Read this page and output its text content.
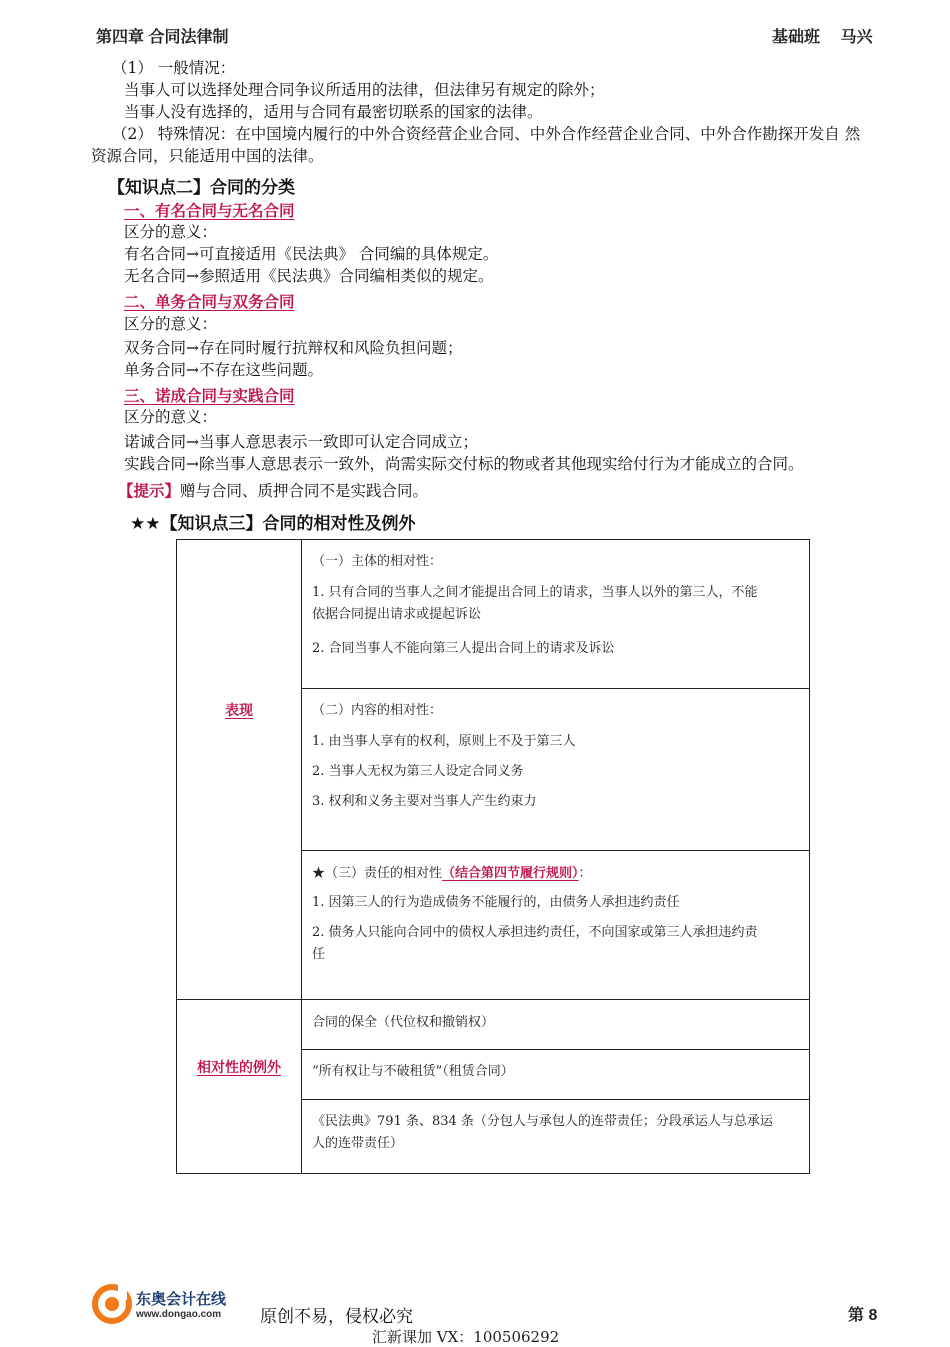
第四章 合同法律制	基础班 　马兴
（1） 一般情况：
当事人可以选择处理合同争议所适用的法律，但法律另有规定的除外；
当事人没有选择的，适用与合同有最密切联系的国家的法律。
（2） 特殊情况：在中国境内履行的中外合资经营企业合同、中外合作经营企业合同、中外合作勘探开发自 然
资源合同，只能适用中国的法律。
【知识点二】合同的分类
一、有名合同与无名合同
区分的意义：
有名合同→可直接适用《民法典》 合同编的具体规定。
无名合同→参照适用《民法典》合同编相类似的规定。
二、单务合同与双务合同
区分的意义：
双务合同→存在同时履行抗辩权和风险负担问题；
单务合同→不存在这些问题。
三、诺成合同与实践合同
区分的意义：
诺诚合同→当事人意思表示一致即可认定合同成立；
实践合同→除当事人意思表示一致外，尚需实际交付标的物或者其他现实给付行为才能成立的合同。
【提示】赠与合同、质押合同不是实践合同。
★★【知识点三】合同的相对性及例外
表现
相对性的例外
（一）主体的相对性：
1. 只有合同的当事人之间才能提出合同上的请求，当事人以外的第三人，不能
依据合同提出请求或提起诉讼
2. 合同当事人不能向第三人提出合同上的请求及诉讼
（二）内容的相对性：
1. 由当事人享有的权利，原则上不及于第三人
2. 当事人无权为第三人设定合同义务
3. 权利和义务主要对当事人产生约束力
★（三）责任的相对性（结合第四节履行规则）：
1. 因第三人的行为造成债务不能履行的，由债务人承担违约责任
2. 债务人只能向合同中的债权人承担违约责任，不向国家或第三人承担违约责
任
合同的保全（代位权和撤销权）
“所有权让与不破租赁”（租赁合同）
《民法典》791 条、834 条（分包人与承包人的连带责任；分段承运人与总承运
人的连带责任）
东奥会计在线
www.dongao.com 原创不易，侵权必究	第 8
汇新课加 VX：100506292
